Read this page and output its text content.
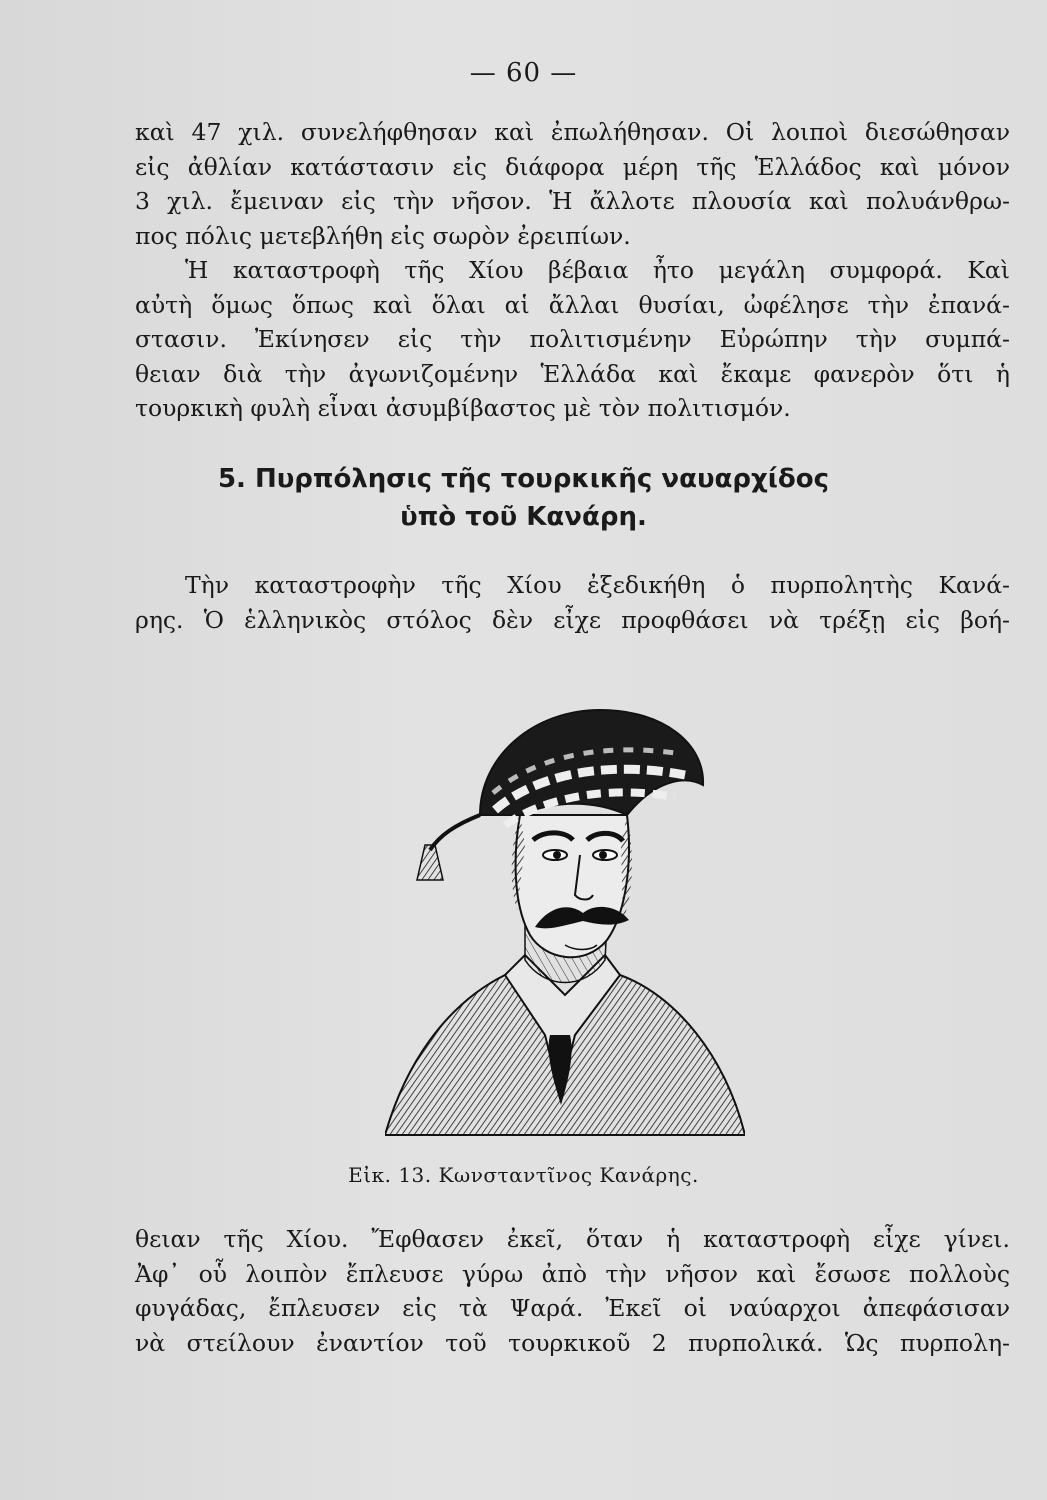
— 60 —
καὶ 47 χιλ. συνελήφθησαν καὶ ἐπωλήθησαν. Οἱ λοιποὶ διεσώθησαν
εἰς ἀθλίαν κατάστασιν εἰς διάφορα μέρη τῆς Ἑλλάδος καὶ μόνον
3 χιλ. ἔμειναν εἰς τὴν νῆσον. Ἡ ἄλλοτε πλουσία καὶ πολυάνθρω-
πος πόλις μετεβλήθη εἰς σωρὸν ἐρειπίων.
Ἡ καταστροφὴ τῆς Χίου βέβαια ἦτο μεγάλη συμφορά. Καὶ
αὐτὴ ὅμως ὅπως καὶ ὅλαι αἱ ἄλλαι θυσίαι, ὠφέλησε τὴν ἐπανά-
στασιν. Ἐκίνησεν εἰς τὴν πολιτισμένην Εὐρώπην τὴν συμπά-
θειαν διὰ τὴν ἀγωνιζομένην Ἑλλάδα καὶ ἔκαμε φανερὸν ὅτι ἡ
τουρκικὴ φυλὴ εἶναι ἀσυμβίβαστος μὲ τὸν πολιτισμόν.
5. Πυρπόλησις τῆς τουρκικῆς ναυαρχίδος
ὑπὸ τοῦ Κανάρη.
Τὴν καταστροφὴν τῆς Χίου ἐξεδικήθη ὁ πυρπολητὴς Κανά-
ρης. Ὁ ἑλληνικὸς στόλος δὲν εἶχε προφθάσει νὰ τρέξῃ εἰς βοή-
Εἰκ. 13. Κωνσταντῖνος Κανάρης.
θειαν τῆς Χίου. Ἔφθασεν ἐκεῖ, ὅταν ἡ καταστροφὴ εἶχε γίνει.
Ἀφ᾽ οὗ λοιπὸν ἔπλευσε γύρω ἀπὸ τὴν νῆσον καὶ ἔσωσε πολλοὺς
φυγάδας, ἔπλευσεν εἰς τὰ Ψαρά. Ἐκεῖ οἱ ναύαρχοι ἀπεφάσισαν
νὰ στείλουν ἐναντίον τοῦ τουρκικοῦ 2 πυρπολικά. Ὡς πυρπολη-
